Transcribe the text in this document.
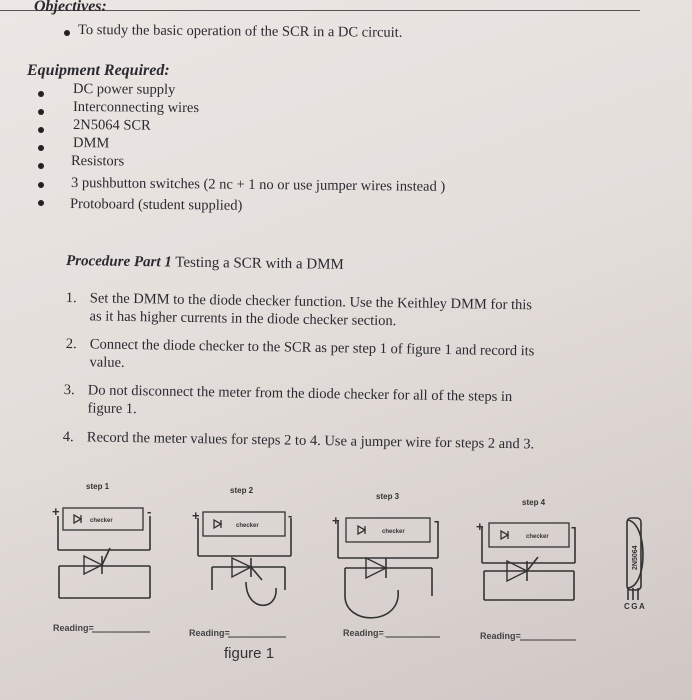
Objectives:
To study the basic operation of the SCR in a DC circuit.
Equipment Required:
DC power supply
Interconnecting wires
2N5064 SCR
DMM
Resistors
3 pushbutton switches (2 nc + 1 no or use jumper wires instead )
Protoboard (student supplied)
Procedure Part 1 Testing a SCR with a DMM
1. Set the DMM to the diode checker function. Use the Keithley DMM for this
as it has higher currents in the diode checker section.
2. Connect the diode checker to the SCR as per step 1 of figure 1 and record its
value.
3. Do not disconnect the meter from the diode checker for all of the steps in
figure 1.
4. Record the meter values for steps 2 to 4. Use a jumper wire for steps 2 and 3.
step 1	step 2
step 3
step 4
+	-	+	-	+	-	+	-
checker
checker
checker
checker
2N5064
CGA
Reading=________	Reading=________	Reading=________	Reading=________
figure 1
